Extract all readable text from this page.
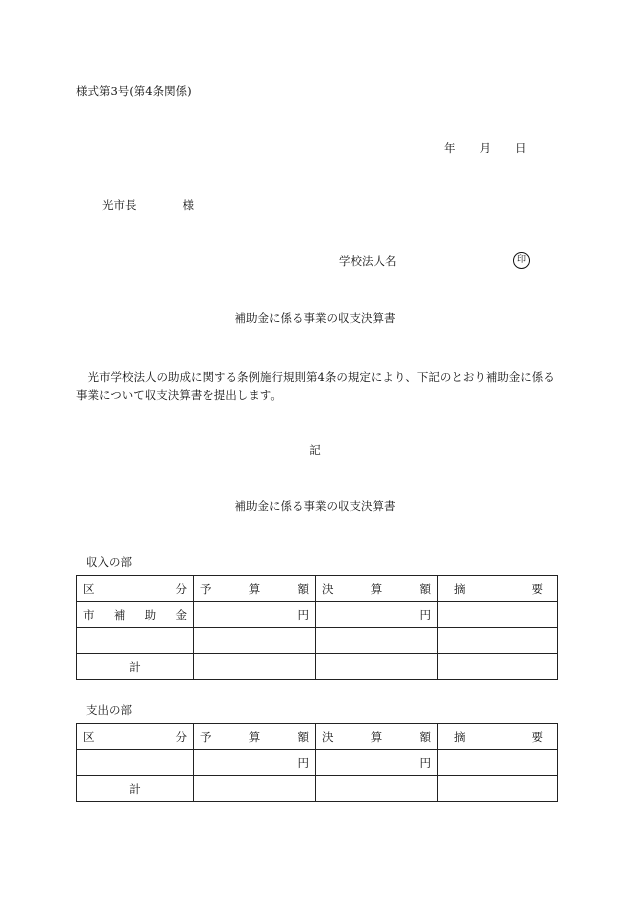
様式第3号(第4条関係)
年 月 日
光市長	様
学校法人名	印
補助金に係る事業の収支決算書
光市学校法人の助成に関する条例施行規則第4条の規定により、下記のとおり補助金に係る事業について収支決算書を提出します。
記
補助金に係る事業の収支決算書
収入の部
区 分	予 算 額	決 算 額	摘 要

市 補 助 金	円	円	

計			
支出の部
区 分	予 算 額	決 算 額	摘 要

	円	円	
計			
